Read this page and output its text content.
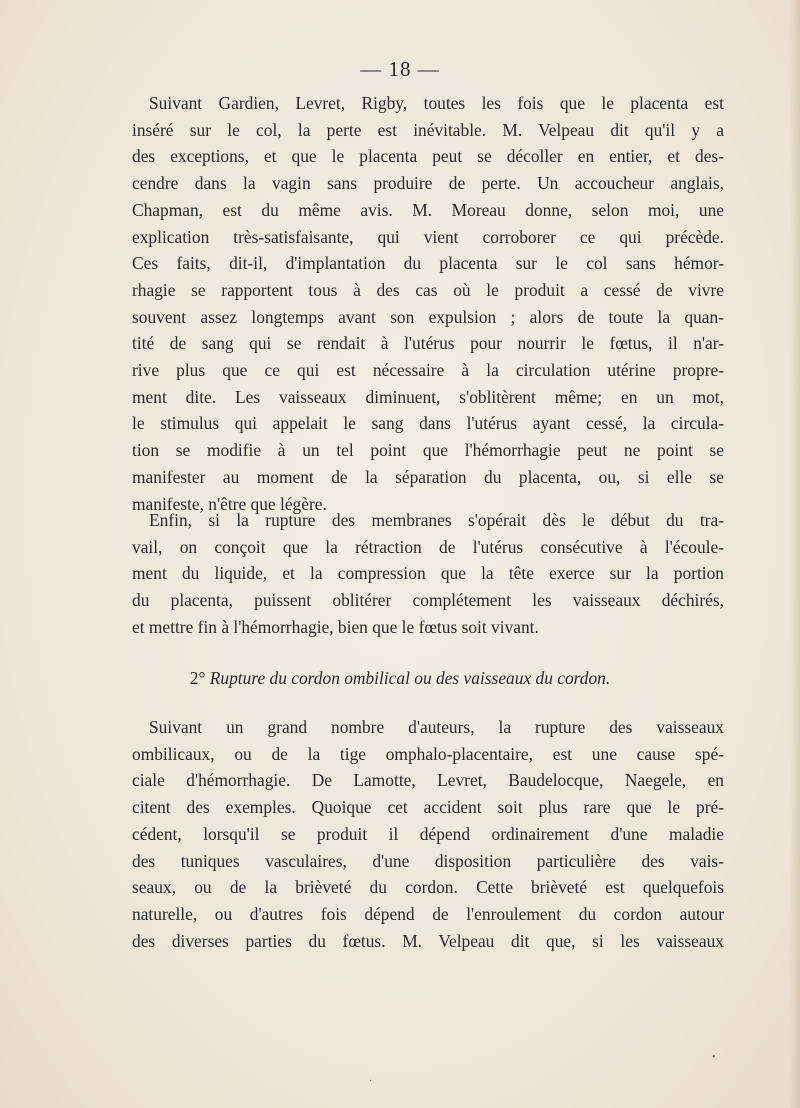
— 18 —
Suivant Gardien, Levret, Rigby, toutes les fois que le placenta est
inséré sur le col, la perte est inévitable. M. Velpeau dit qu'il y a
des exceptions, et que le placenta peut se décoller en entier, et des-
cendre dans la vagin sans produire de perte. Un accoucheur anglais,
Chapman, est du même avis. M. Moreau donne, selon moi, une
explication très-satisfaisante, qui vient corroborer ce qui précède.
Ces faits, dit-il, d'implantation du placenta sur le col sans hémor-
rhagie se rapportent tous à des cas où le produit a cessé de vivre
souvent assez longtemps avant son expulsion ; alors de toute la quan-
tité de sang qui se rendait à l'utérus pour nourrir le fœtus, il n'ar-
rive plus que ce qui est nécessaire à la circulation utérine propre-
ment dite. Les vaisseaux diminuent, s'oblitèrent même; en un mot,
le stimulus qui appelait le sang dans l'utérus ayant cessé, la circula-
tion se modifie à un tel point que l'hémorrhagie peut ne point se
manifester au moment de la séparation du placenta, ou, si elle se
manifeste, n'être que légère.
Enfin, si la rupture des membranes s'opérait dès le début du tra-
vail, on conçoit que la rétraction de l'utérus consécutive à l'écoule-
ment du liquide, et la compression que la tête exerce sur la portion
du placenta, puissent oblitérer complétement les vaisseaux déchirés,
et mettre fin à l'hémorrhagie, bien que le fœtus soit vivant.
2° Rupture du cordon ombilical ou des vaisseaux du cordon.
Suivant un grand nombre d'auteurs, la rupture des vaisseaux
ombilicaux, ou de la tige omphalo-placentaire, est une cause spé-
ciale d'hémorrhagie. De Lamotte, Levret, Baudelocque, Naegele, en
citent des exemples. Quoique cet accident soit plus rare que le pré-
cédent, lorsqu'il se produit il dépend ordinairement d'une maladie
des tuniques vasculaires, d'une disposition particulière des vais-
seaux, ou de la brièveté du cordon. Cette brièveté est quelquefois
naturelle, ou d'autres fois dépend de l'enroulement du cordon autour
des diverses parties du fœtus. M. Velpeau dit que, si les vaisseaux
•
·
